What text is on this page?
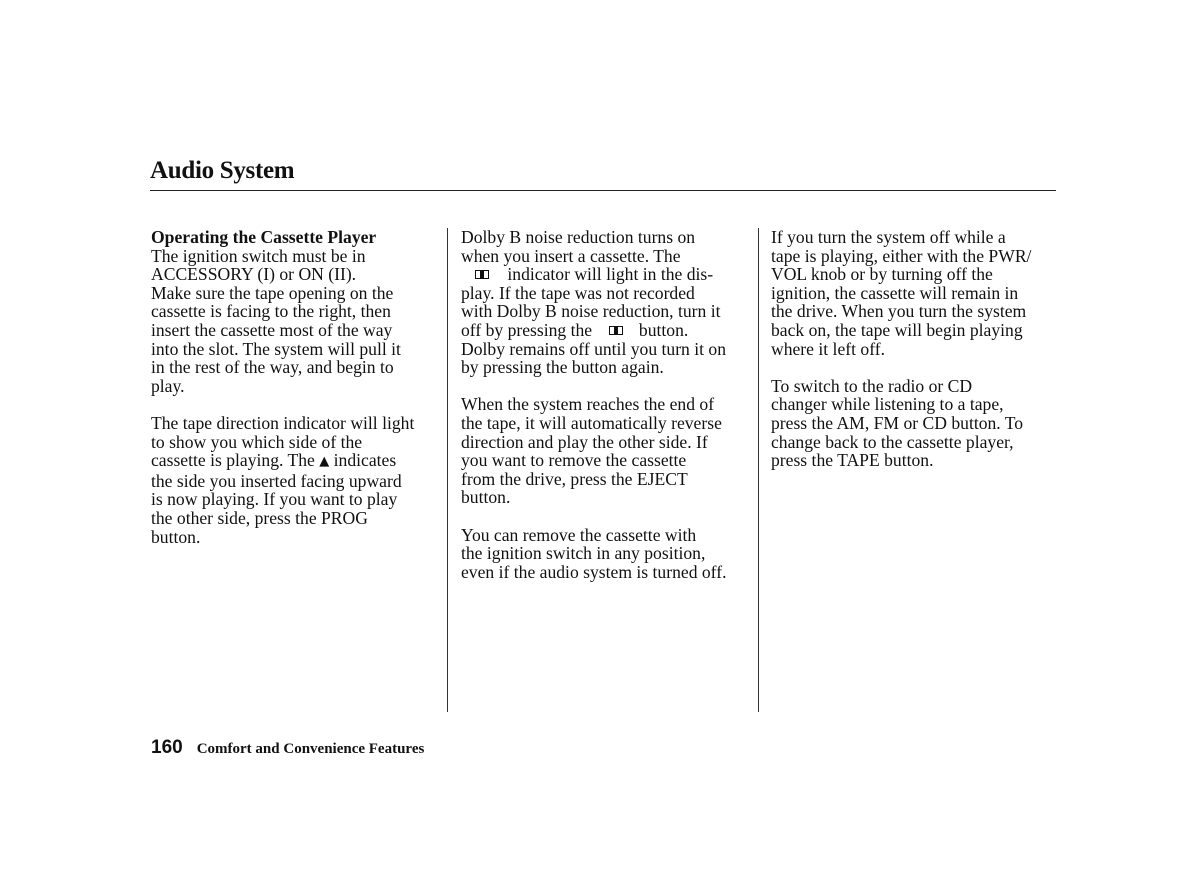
Audio System
Operating the Cassette Player
The ignition switch must be in
ACCESSORY (I) or ON (II).
Make sure the tape opening on the
cassette is facing to the right, then
insert the cassette most of the way
into the slot. The system will pull it
in the rest of the way, and begin to
play.
The tape direction indicator will light
to show you which side of the
cassette is playing. The ▲ indicates
the side you inserted facing upward
is now playing. If you want to play
the other side, press the PROG
button.
Dolby B noise reduction turns on
when you insert a cassette. The
indicator will light in the dis-
play. If the tape was not recorded
with Dolby B noise reduction, turn it
off by pressing the  button.
Dolby remains off until you turn it on
by pressing the button again.
When the system reaches the end of
the tape, it will automatically reverse
direction and play the other side. If
you want to remove the cassette
from the drive, press the EJECT
button.
You can remove the cassette with
the ignition switch in any position,
even if the audio system is turned off.
If you turn the system off while a
tape is playing, either with the PWR/
VOL knob or by turning off the
ignition, the cassette will remain in
the drive. When you turn the system
back on, the tape will begin playing
where it left off.
To switch to the radio or CD
changer while listening to a tape,
press the AM, FM or CD button. To
change back to the cassette player,
press the TAPE button.
160 Comfort and Convenience Features
